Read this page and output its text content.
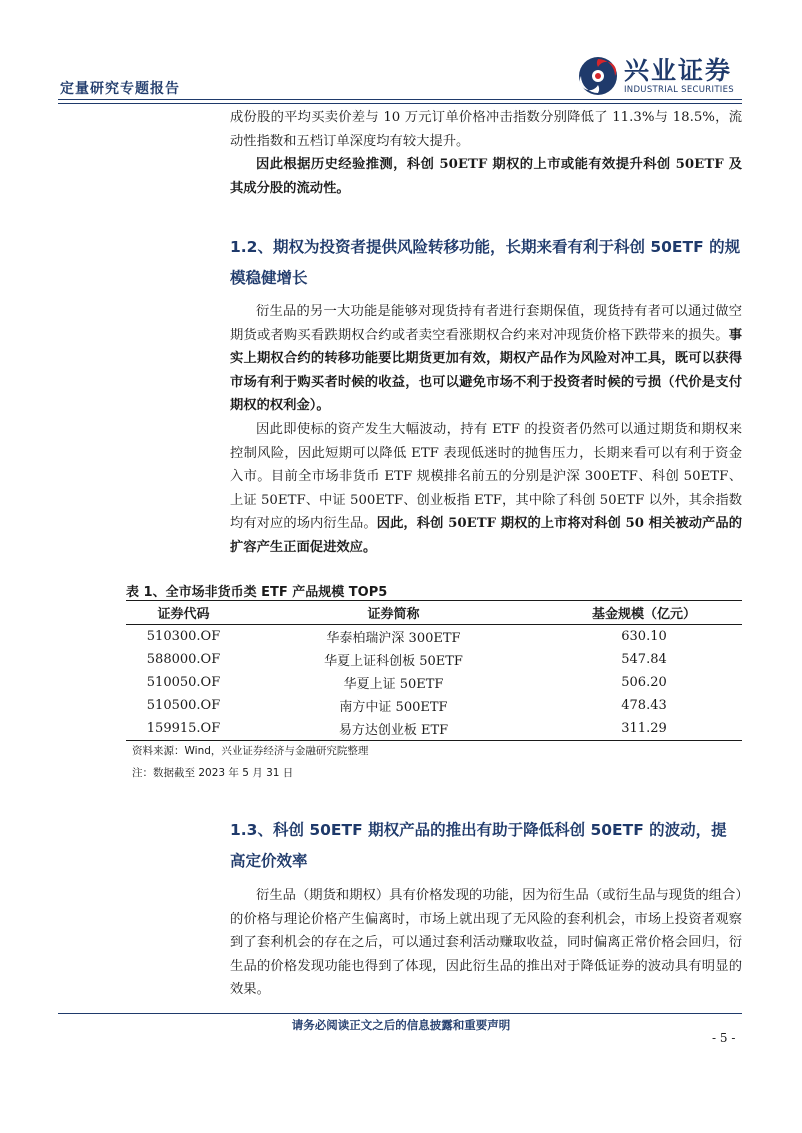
定量研究专题报告
兴业证券
INDUSTRIAL SECURITIES
成份股的平均买卖价差与 10 万元订单价格冲击指数分别降低了 11.3%与 18.5%，流动性指数和五档订单深度均有较大提升。
因此根据历史经验推测，科创 50ETF 期权的上市或能有效提升科创 50ETF 及其成分股的流动性。
1.2、期权为投资者提供风险转移功能，长期来看有利于科创 50ETF 的规模稳健增长
衍生品的另一大功能是能够对现货持有者进行套期保值，现货持有者可以通过做空期货或者购买看跌期权合约或者卖空看涨期权合约来对冲现货价格下跌带来的损失。事实上期权合约的转移功能要比期货更加有效，期权产品作为风险对冲工具，既可以获得市场有利于购买者时候的收益，也可以避免市场不利于投资者时候的亏损（代价是支付期权的权利金）。
因此即使标的资产发生大幅波动，持有 ETF 的投资者仍然可以通过期货和期权来控制风险，因此短期可以降低 ETF 表现低迷时的抛售压力，长期来看可以有利于资金入市。目前全市场非货币 ETF 规模排名前五的分别是沪深 300ETF、科创 50ETF、上证 50ETF、中证 500ETF、创业板指 ETF，其中除了科创 50ETF 以外，其余指数均有对应的场内衍生品。因此，科创 50ETF 期权的上市将对科创 50 相关被动产品的扩容产生正面促进效应。
表 1、全市场非货币类 ETF 产品规模 TOP5
证券代码	证券简称	基金规模（亿元）
510300.OF	华泰柏瑞沪深 300ETF	630.10
588000.OF	华夏上证科创板 50ETF	547.84
510050.OF	华夏上证 50ETF	506.20
510500.OF	南方中证 500ETF	478.43
159915.OF	易方达创业板 ETF	311.29
资料来源：Wind，兴业证券经济与金融研究院整理
注：数据截至 2023 年 5 月 31 日
1.3、科创 50ETF 期权产品的推出有助于降低科创 50ETF 的波动，提高定价效率
衍生品（期货和期权）具有价格发现的功能，因为衍生品（或衍生品与现货的组合）的价格与理论价格产生偏离时，市场上就出现了无风险的套利机会，市场上投资者观察到了套利机会的存在之后，可以通过套利活动赚取收益，同时偏离正常价格会回归，衍生品的价格发现功能也得到了体现，因此衍生品的推出对于降低证券的波动具有明显的效果。
请务必阅读正文之后的信息披露和重要声明
- 5 -
